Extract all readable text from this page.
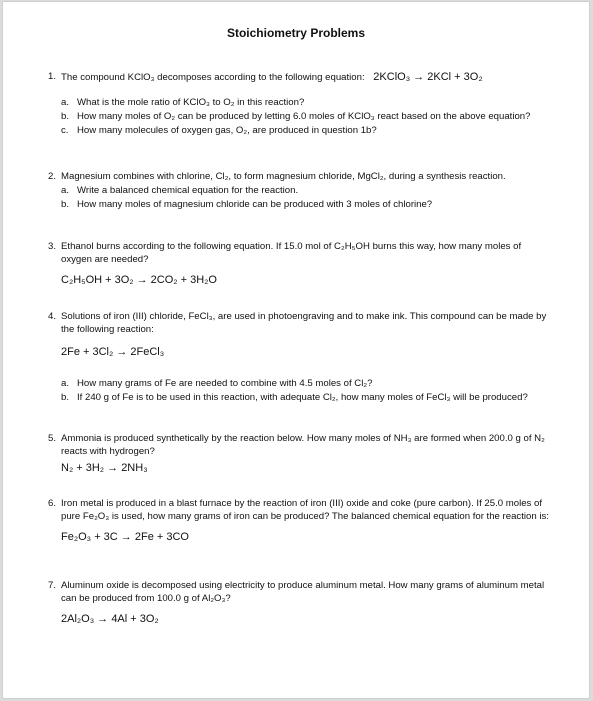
Stoichiometry Problems
1. The compound KClO₃ decomposes according to the following equation: 2KClO₃ → 2KCl + 3O₂
a. What is the mole ratio of KClO₃ to O₂ in this reaction?
b. How many moles of O₂ can be produced by letting 6.0 moles of KClO₃ react based on the above equation?
c. How many molecules of oxygen gas, O₂, are produced in question 1b?
2. Magnesium combines with chlorine, Cl₂, to form magnesium chloride, MgCl₂, during a synthesis reaction.
a. Write a balanced chemical equation for the reaction.
b. How many moles of magnesium chloride can be produced with 3 moles of chlorine?
3. Ethanol burns according to the following equation. If 15.0 mol of C₂H₅OH burns this way, how many moles of oxygen are needed?
C₂H₅OH + 3O₂ → 2CO₂ + 3H₂O
4. Solutions of iron (III) chloride, FeCl₃, are used in photoengraving and to make ink. This compound can be made by the following reaction:
2Fe + 3Cl₂ → 2FeCl₃
a. How many grams of Fe are needed to combine with 4.5 moles of Cl₂?
b. If 240 g of Fe is to be used in this reaction, with adequate Cl₂, how many moles of FeCl₃ will be produced?
5. Ammonia is produced synthetically by the reaction below. How many moles of NH₃ are formed when 200.0 g of N₂ reacts with hydrogen?
N₂ + 3H₂ → 2NH₃
6. Iron metal is produced in a blast furnace by the reaction of iron (III) oxide and coke (pure carbon). If 25.0 moles of pure Fe₂O₃ is used, how many grams of iron can be produced? The balanced chemical equation for the reaction is:
Fe₂O₃ + 3C → 2Fe + 3CO
7. Aluminum oxide is decomposed using electricity to produce aluminum metal. How many grams of aluminum metal can be produced from 100.0 g of Al₂O₃?
2Al₂O₃ → 4Al + 3O₂
